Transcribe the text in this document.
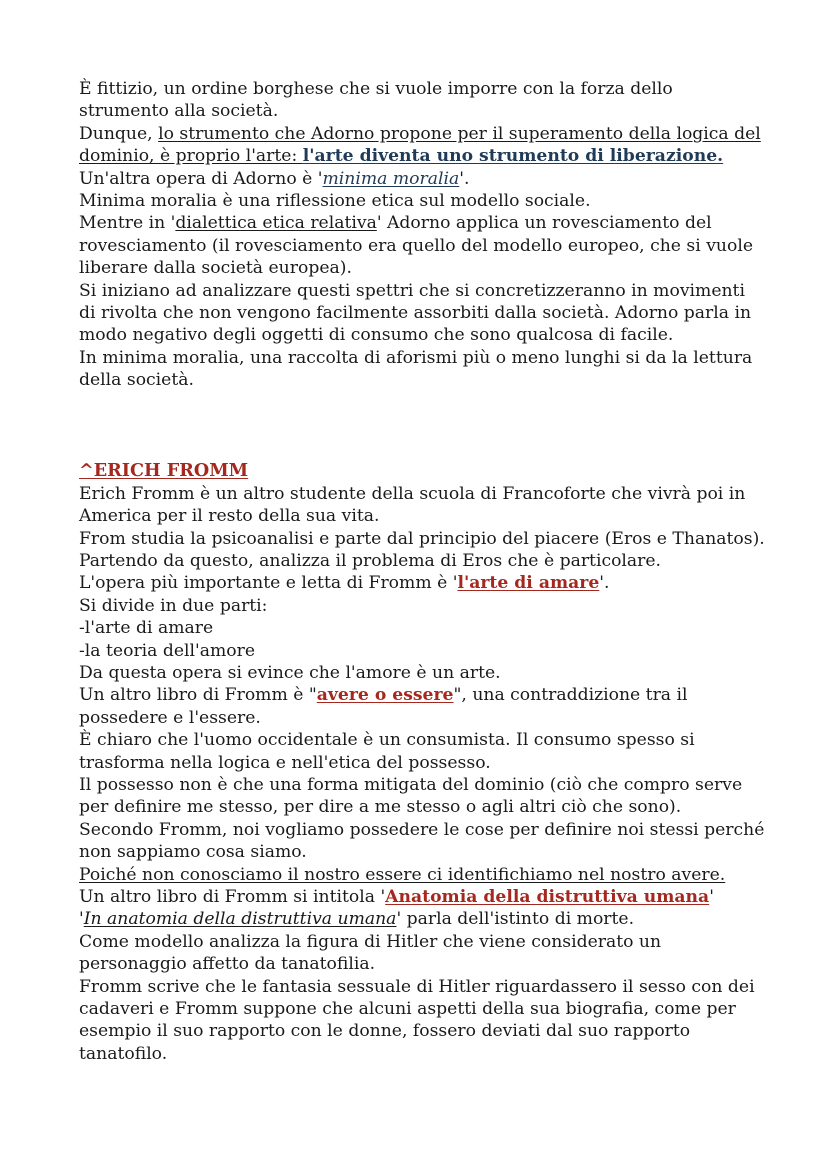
È fittizio, un ordine borghese che si vuole imporre con la forza dello
strumento alla società.
Dunque, lo strumento che Adorno propone per il superamento della logica del
dominio, è proprio l'arte: l'arte diventa uno strumento di liberazione.
Un'altra opera di Adorno è 'minima moralia'.
Minima moralia è una riflessione etica sul modello sociale.
Mentre in 'dialettica etica relativa' Adorno applica un rovesciamento del
rovesciamento (il rovesciamento era quello del modello europeo, che si vuole
liberare dalla società europea).
Si iniziano ad analizzare questi spettri che si concretizzeranno in movimenti
di rivolta che non vengono facilmente assorbiti dalla società. Adorno parla in
modo negativo degli oggetti di consumo che sono qualcosa di facile.
In minima moralia, una raccolta di aforismi più o meno lunghi si da la lettura
della società.
^ERICH FROMM
Erich Fromm è un altro studente della scuola di Francoforte che vivrà poi in
America per il resto della sua vita.
From studia la psicoanalisi e parte dal principio del piacere (Eros e Thanatos).
Partendo da questo, analizza il problema di Eros che è particolare.
L'opera più importante e letta di Fromm è 'l'arte di amare'.
Si divide in due parti:
-l'arte di amare
-la teoria dell'amore
Da questa opera si evince che l'amore è un arte.
Un altro libro di Fromm è "avere o essere", una contraddizione tra il
possedere e l'essere.
È chiaro che l'uomo occidentale è un consumista. Il consumo spesso si
trasforma nella logica e nell'etica del possesso.
Il possesso non è che una forma mitigata del dominio (ciò che compro serve
per definire me stesso, per dire a me stesso o agli altri ciò che sono).
Secondo Fromm, noi vogliamo possedere le cose per definire noi stessi perché
non sappiamo cosa siamo.
Poiché non conosciamo il nostro essere ci identifichiamo nel nostro avere.
Un altro libro di Fromm si intitola 'Anatomia della distruttiva umana'
'In anatomia della distruttiva umana' parla dell'istinto di morte.
Come modello analizza la figura di Hitler che viene considerato un
personaggio affetto da tanatofilia.
Fromm scrive che le fantasia sessuale di Hitler riguardassero il sesso con dei
cadaveri e Fromm suppone che alcuni aspetti della sua biografia, come per
esempio il suo rapporto con le donne, fossero deviati dal suo rapporto
tanatofilo.
